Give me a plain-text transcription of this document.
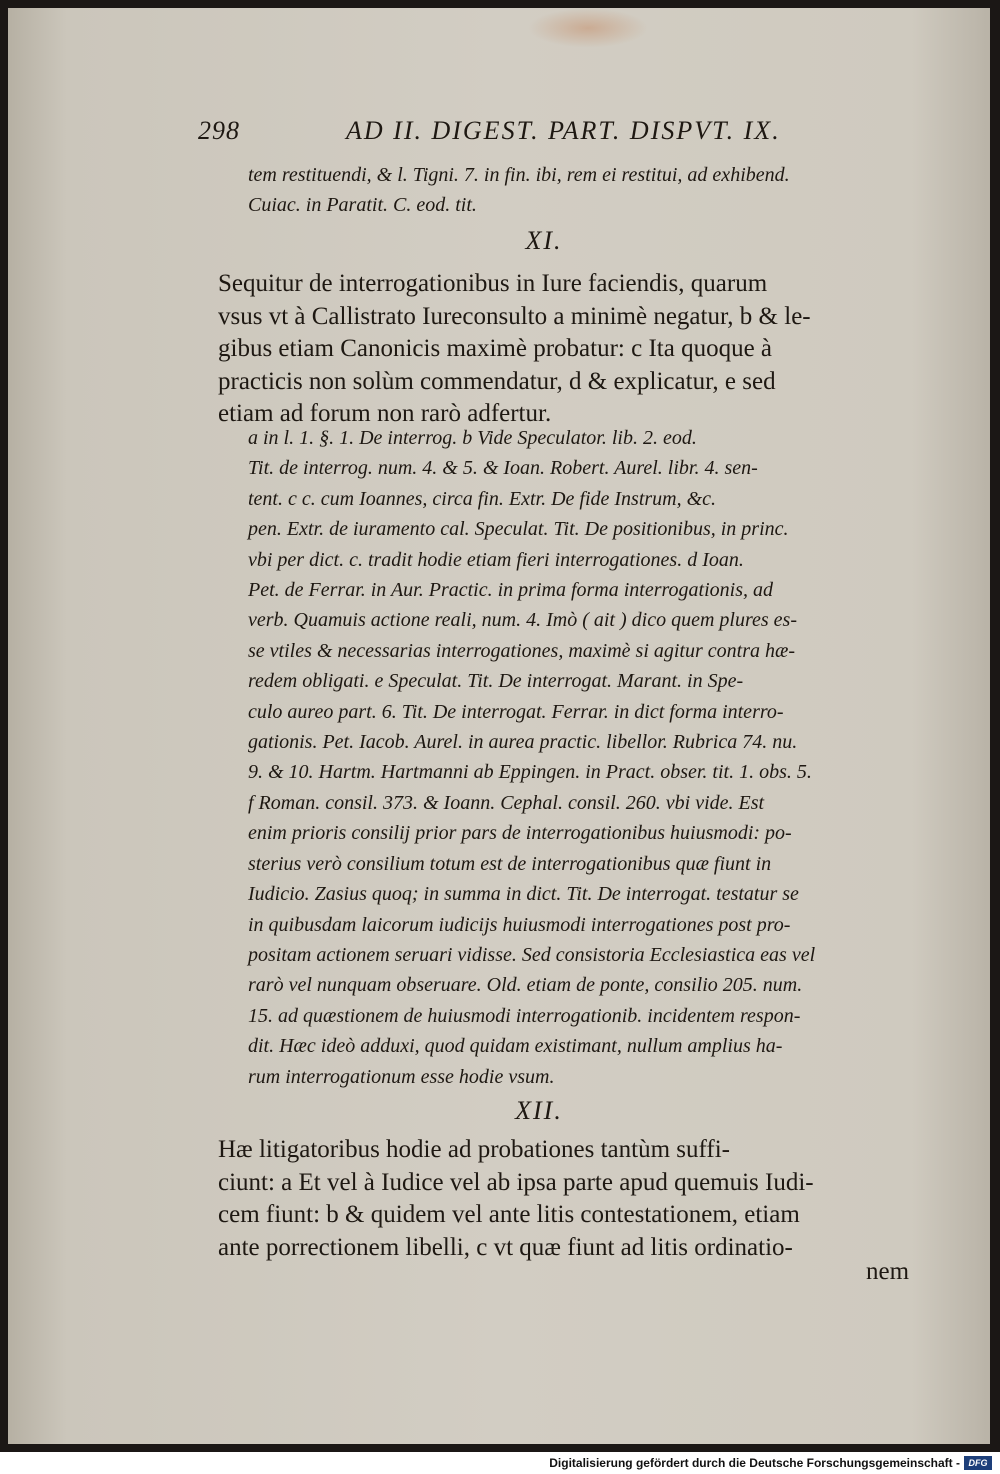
298	AD II. DIGEST. PART. DISPVT. IX.
tem restituendi, & l. Tigni. 7. in fin. ibi, rem ei restitui, ad exhibend.
Cuiac. in Paratit. C. eod. tit.
XI.
Sequitur de interrogationibus in Iure faciendis, quarum
vsus vt à Callistrato Iureconsulto a minimè negatur, b & le-
gibus etiam Canonicis maximè probatur: c Ita quoque à
practicis non solùm commendatur, d & explicatur, e sed
etiam ad forum non rarò adfertur.

a in l. 1. §. 1. De interrog. b Vide Speculator. lib. 2. eod.

Tit. de interrog. num. 4. & 5. & Ioan. Robert. Aurel. libr. 4. sen-

tent. c c. cum Ioannes, circa fin. Extr. De fide Instrum, &c.

pen. Extr. de iuramento cal. Speculat. Tit. De positionibus, in princ.

vbi per dict. c. tradit hodie etiam fieri interrogationes. d Ioan.

Pet. de Ferrar. in Aur. Practic. in prima forma interrogationis, ad

verb. Quamuis actione reali, num. 4. Imò ( ait ) dico quem plures es-

se vtiles & necessarias interrogationes, maximè si agitur contra hæ-

redem obligati. e Speculat. Tit. De interrogat. Marant. in Spe-

culo aureo part. 6. Tit. De interrogat. Ferrar. in dict forma interro-

gationis. Pet. Iacob. Aurel. in aurea practic. libellor. Rubrica 74. nu.

9. & 10. Hartm. Hartmanni ab Eppingen. in Pract. obser. tit. 1. obs. 5.

f Roman. consil. 373. & Ioann. Cephal. consil. 260. vbi vide. Est

enim prioris consilij prior pars de interrogationibus huiusmodi: po-

sterius verò consilium totum est de interrogationibus quæ fiunt in

Iudicio. Zasius quoq; in summa in dict. Tit. De interrogat. testatur se

in quibusdam laicorum iudicijs huiusmodi interrogationes post pro-

positam actionem seruari vidisse. Sed consistoria Ecclesiastica eas vel

rarò vel nunquam obseruare. Old. etiam de ponte, consilio 205. num.

15. ad quæstionem de huiusmodi interrogationib. incidentem respon-

dit. Hæc ideò adduxi, quod quidam existimant, nullum amplius ha-

rum interrogationum esse hodie vsum.

XII.
Hæ litigatoribus hodie ad probationes tantùm suffi-
ciunt: a Et vel à Iudice vel ab ipsa parte apud quemuis Iudi-
cem fiunt: b & quidem vel ante litis contestationem, etiam
ante porrectionem libelli, c vt quæ fiunt ad litis ordinatio-
nem
Digitalisierung gefördert durch die Deutsche Forschungsgemeinschaft - DFG
